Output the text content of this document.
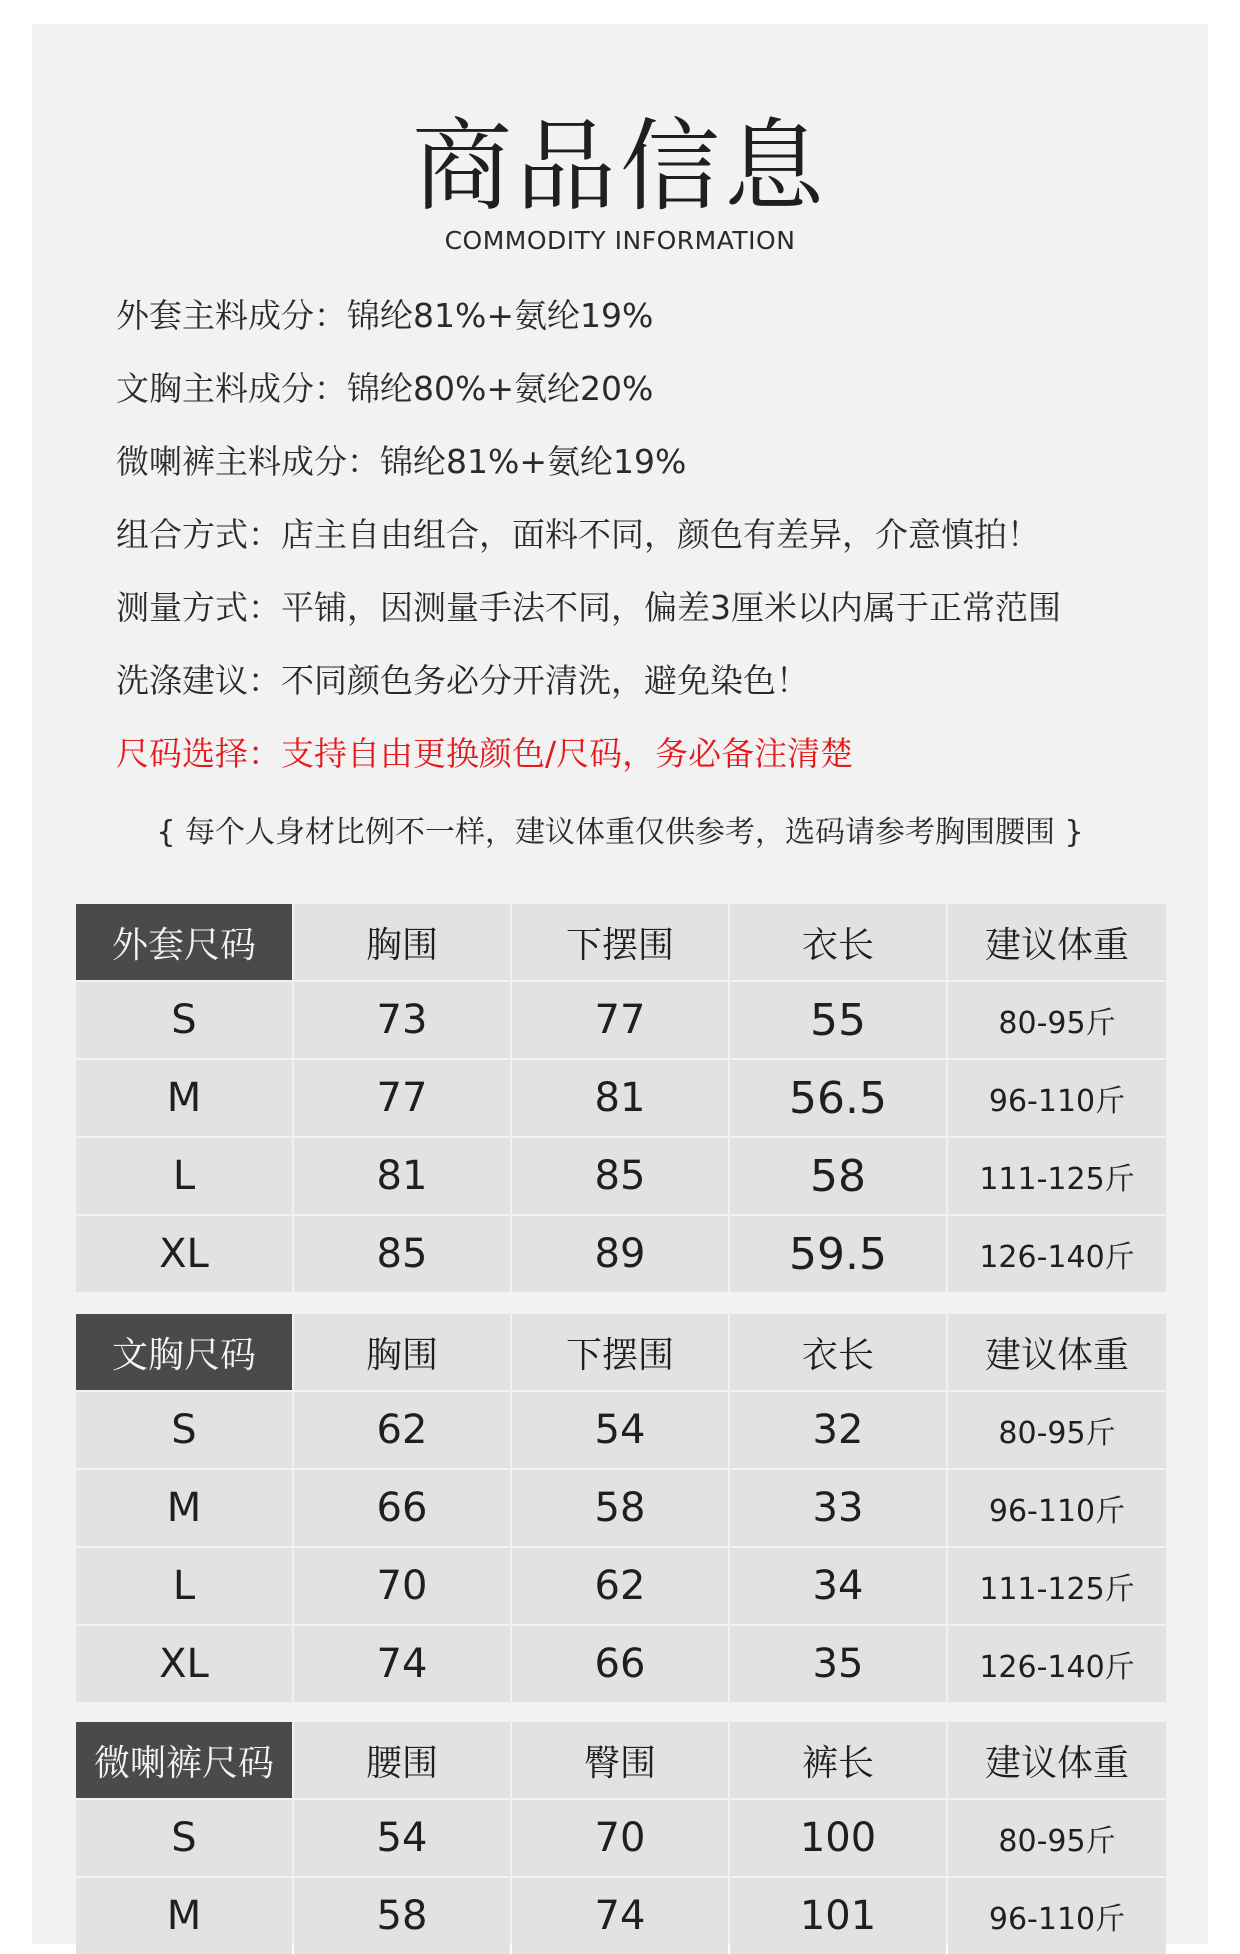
商品信息
COMMODITY INFORMATION
外套主料成分：锦纶81%+氨纶19%
文胸主料成分：锦纶80%+氨纶20%
微喇裤主料成分：锦纶81%+氨纶19%
组合方式：店主自由组合，面料不同，颜色有差异，介意慎拍！
测量方式：平铺，因测量手法不同，偏差3厘米以内属于正常范围
洗涤建议：不同颜色务必分开清洗，避免染色！
尺码选择：支持自由更换颜色/尺码，务必备注清楚
{ 每个人身材比例不一样，建议体重仅供参考，选码请参考胸围腰围 }
外套尺码	胸围	下摆围	衣长	建议体重
S	73	77	55	80-95斤
M	77	81	56.5	96-110斤
L	81	85	58	111-125斤
XL	85	89	59.5	126-140斤
文胸尺码	胸围	下摆围	衣长	建议体重
S	62	54	32	80-95斤
M	66	58	33	96-110斤
L	70	62	34	111-125斤
XL	74	66	35	126-140斤
微喇裤尺码	腰围	臀围	裤长	建议体重
S	54	70	100	80-95斤
M	58	74	101	96-110斤
